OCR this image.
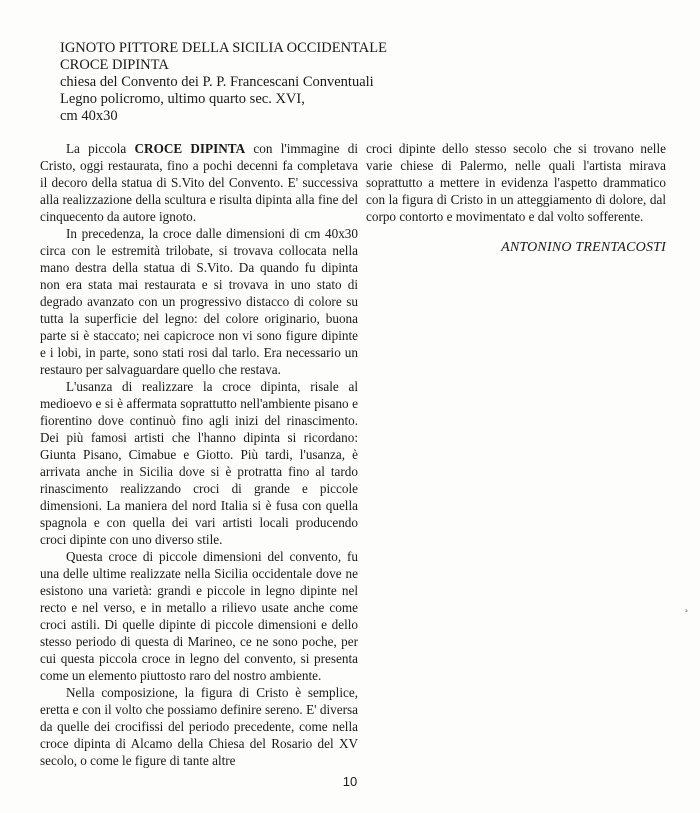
IGNOTO PITTORE DELLA SICILIA OCCIDENTALE
CROCE DIPINTA
chiesa del Convento dei P. P. Francescani Conventuali
Legno policromo, ultimo quarto sec. XVI,
cm 40x30

La piccola CROCE DIPINTA con l'immagine di Cristo, oggi restaurata, fino a pochi decenni fa completava il decoro della statua di S.Vito del Convento. E' successiva alla realizzazione della scultura e risulta dipinta alla fine del cinquecento da autore ignoto.

In precedenza, la croce dalle dimensioni di cm 40x30 circa con le estremità trilobate, si trovava collocata nella mano destra della statua di S.Vito. Da quando fu dipinta non era stata mai restaurata e si trovava in uno stato di degrado avanzato con un progressivo distacco di colore su tutta la superficie del legno: del colore originario, buona parte si è staccato; nei capicroce non vi sono figure dipinte e i lobi, in parte, sono stati rosi dal tarlo. Era necessario un restauro per salvaguardare quello che restava.

L'usanza di realizzare la croce dipinta, risale al medioevo e si è affermata soprattutto nell'ambiente pisano e fiorentino dove continuò fino agli inizi del rinascimento. Dei più famosi artisti che l'hanno dipinta si ricordano: Giunta Pisano, Cimabue e Giotto. Più tardi, l'usanza, è arrivata anche in Sicilia dove si è protratta fino al tardo rinascimento realizzando croci di grande e piccole dimensioni. La maniera del nord Italia si è fusa con quella spagnola e con quella dei vari artisti locali producendo croci dipinte con uno diverso stile.

Questa croce di piccole dimensioni del convento, fu una delle ultime realizzate nella Sicilia occidentale dove ne esistono una varietà: grandi e piccole in legno dipinte nel recto e nel verso, e in metallo a rilievo usate anche come croci astili. Di quelle dipinte di piccole dimensioni e dello stesso periodo di questa di Marineo, ce ne sono poche, per cui questa piccola croce in legno del convento, si presenta come un elemento piuttosto raro del nostro ambiente.

Nella composizione, la figura di Cristo è semplice, eretta e con il volto che possiamo definire sereno. E' diversa da quelle dei crocifissi del periodo precedente, come nella croce dipinta di Alcamo della Chiesa del Rosario del XV secolo, o come le figure di tante altre

croci dipinte dello stesso secolo che si trovano nelle varie chiese di Palermo, nelle quali l'artista mirava soprattutto a mettere in evidenza l'aspetto drammatico con la figura di Cristo in un atteggiamento di dolore, dal corpo contorto e movimentato e dal volto sofferente.

ANTONINO TRENTACOSTI
10
¸
